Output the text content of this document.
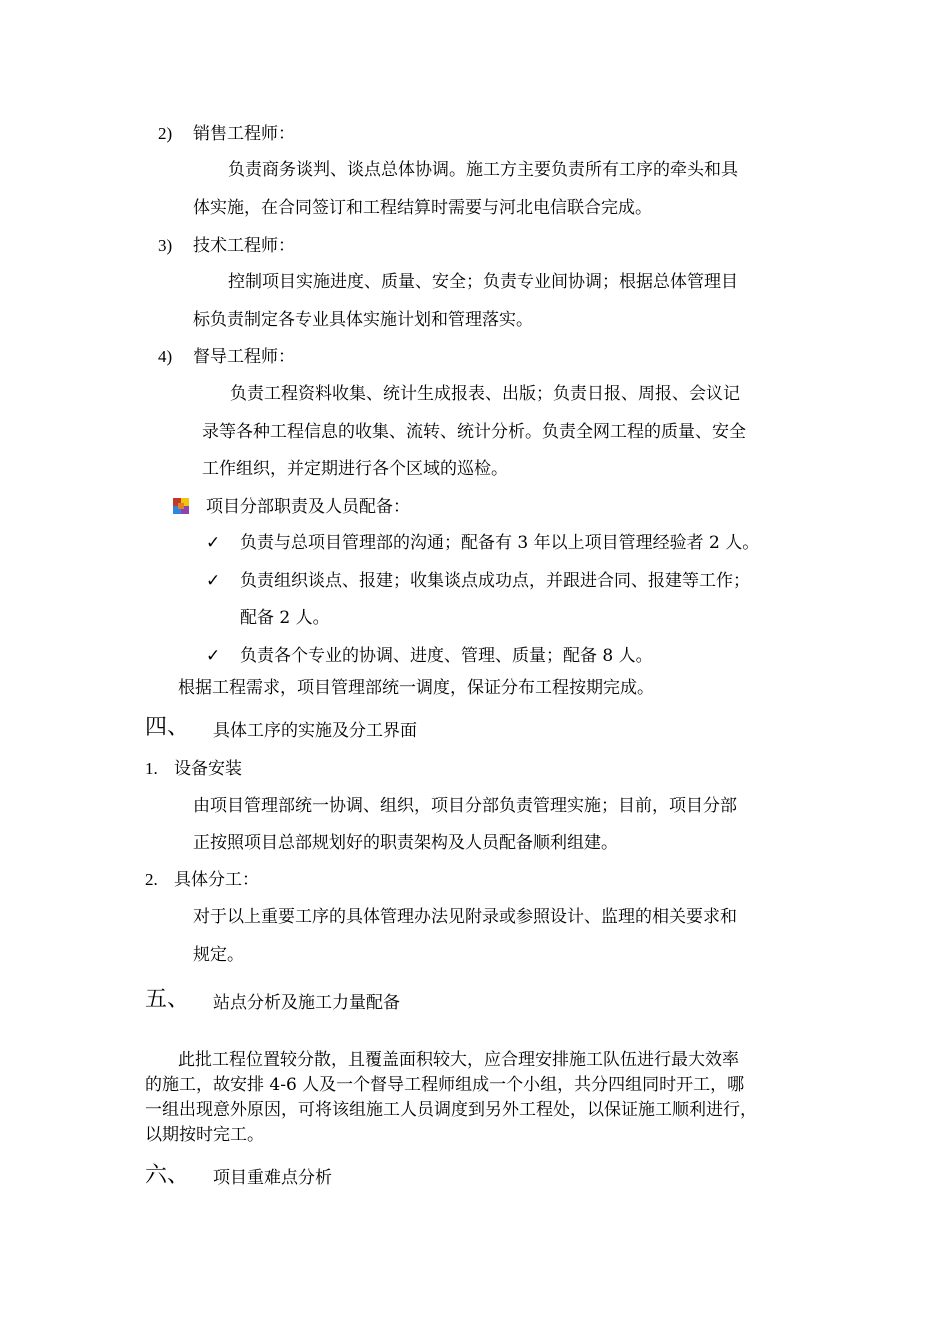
2) 销售工程师：
负责商务谈判、谈点总体协调。施工方主要负责所有工序的牵头和具
体实施，在合同签订和工程结算时需要与河北电信联合完成。
3) 技术工程师：
控制项目实施进度、质量、安全；负责专业间协调；根据总体管理目
标负责制定各专业具体实施计划和管理落实。
4) 督导工程师：
负责工程资料收集、统计生成报表、出版；负责日报、周报、会议记
录等各种工程信息的收集、流转、统计分析。负责全网工程的质量、安全
工作组织，并定期进行各个区域的巡检。
项目分部职责及人员配备：
✓ 负责与总项目管理部的沟通；配备有 3 年以上项目管理经验者 2 人。
✓ 负责组织谈点、报建；收集谈点成功点，并跟进合同、报建等工作；
配备 2 人。
✓ 负责各个专业的协调、进度、管理、质量；配备 8 人。
根据工程需求，项目管理部统一调度，保证分布工程按期完成。
四、 具体工序的实施及分工界面
1. 设备安装
由项目管理部统一协调、组织，项目分部负责管理实施；目前，项目分部
正按照项目总部规划好的职责架构及人员配备顺利组建。
2. 具体分工：
对于以上重要工序的具体管理办法见附录或参照设计、监理的相关要求和
规定。
五、 站点分析及施工力量配备
此批工程位置较分散，且覆盖面积较大，应合理安排施工队伍进行最大效率
的施工，故安排 4-6 人及一个督导工程师组成一个小组，共分四组同时开工，哪
一组出现意外原因，可将该组施工人员调度到另外工程处，以保证施工顺利进行，
以期按时完工。
六、 项目重难点分析
